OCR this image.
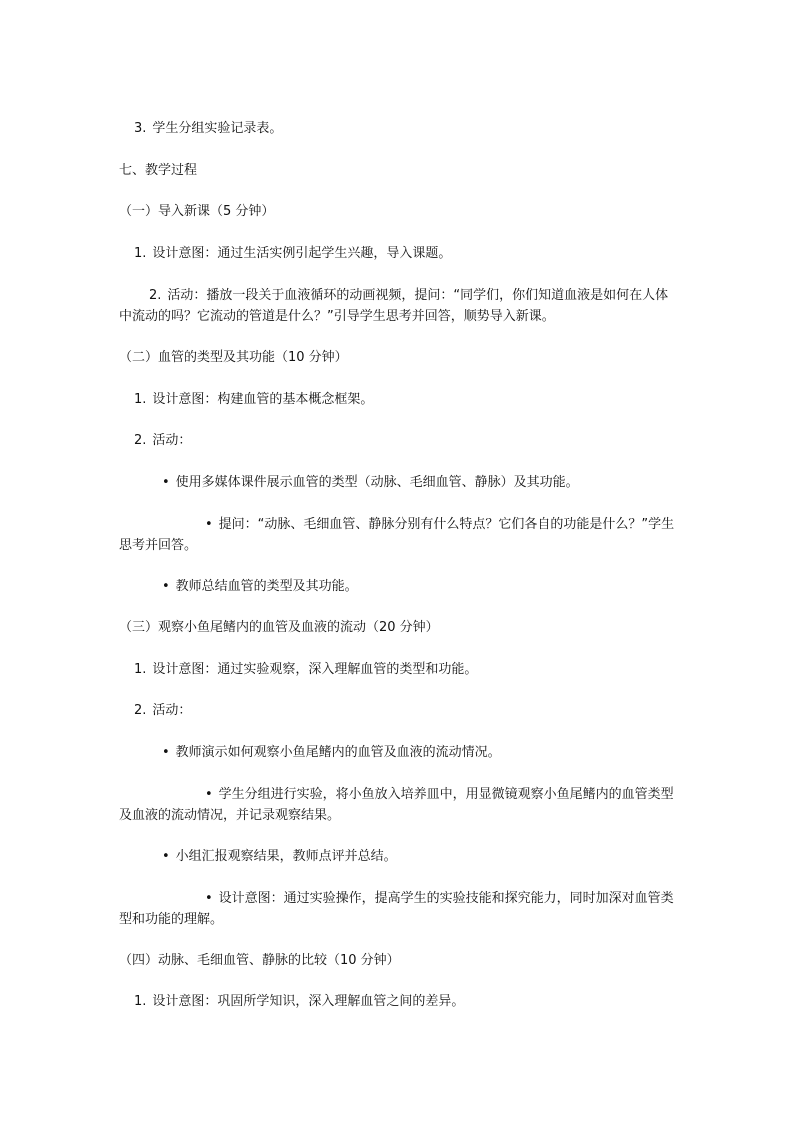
3. 学生分组实验记录表。

七、教学过程

（一）导入新课（5 分钟）

1. 设计意图：通过生活实例引起学生兴趣，导入课题。

2. 活动：播放一段关于血液循环的动画视频，提问：“同学们，你们知道血液是如何在人体中流动的吗？它流动的管道是什么？”引导学生思考并回答，顺势导入新课。

（二）血管的类型及其功能（10 分钟）

1. 设计意图：构建血管的基本概念框架。

2. 活动：

• 使用多媒体课件展示血管的类型（动脉、毛细血管、静脉）及其功能。

• 提问：“动脉、毛细血管、静脉分别有什么特点？它们各自的功能是什么？”学生思考并回答。

• 教师总结血管的类型及其功能。

（三）观察小鱼尾鳍内的血管及血液的流动（20 分钟）

1. 设计意图：通过实验观察，深入理解血管的类型和功能。

2. 活动：

• 教师演示如何观察小鱼尾鳍内的血管及血液的流动情况。

• 学生分组进行实验，将小鱼放入培养皿中，用显微镜观察小鱼尾鳍内的血管类型及血液的流动情况，并记录观察结果。

• 小组汇报观察结果，教师点评并总结。

• 设计意图：通过实验操作，提高学生的实验技能和探究能力，同时加深对血管类型和功能的理解。

（四）动脉、毛细血管、静脉的比较（10 分钟）

1. 设计意图：巩固所学知识，深入理解血管之间的差异。
